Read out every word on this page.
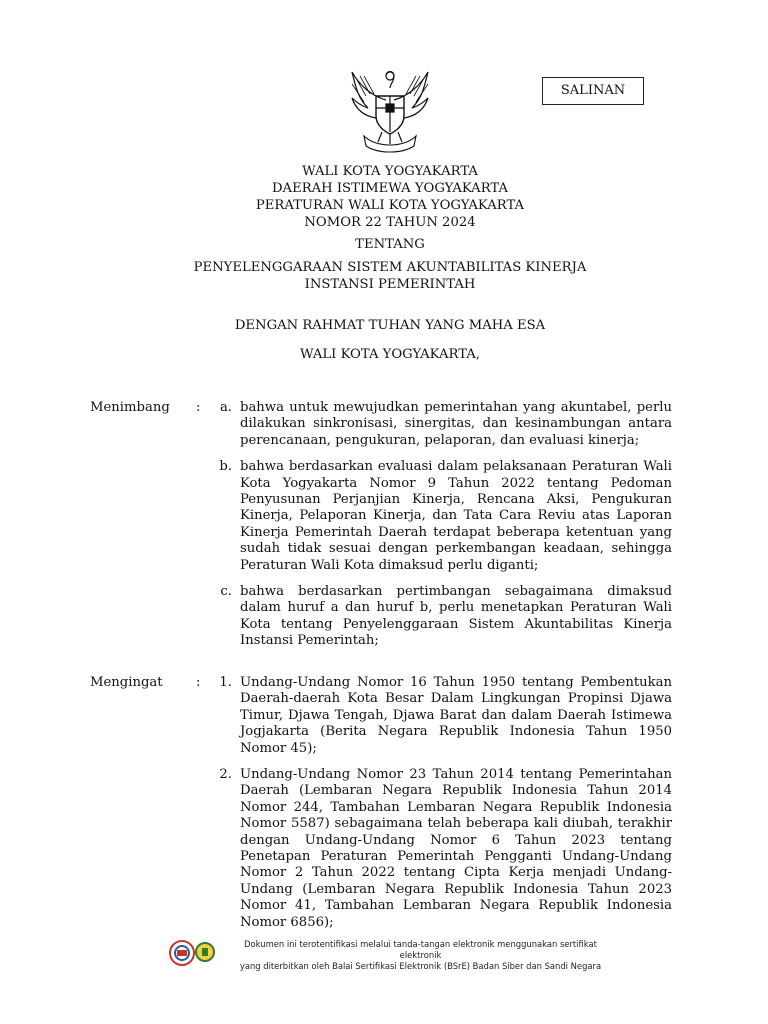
SALINAN
WALI KOTA YOGYAKARTA
DAERAH ISTIMEWA YOGYAKARTA
PERATURAN WALI KOTA YOGYAKARTA
NOMOR 22 TAHUN 2024
TENTANG
PENYELENGGARAAN SISTEM AKUNTABILITAS KINERJA
INSTANSI PEMERINTAH
DENGAN RAHMAT TUHAN YANG MAHA ESA
WALI KOTA YOGYAKARTA,
Menimbang	:	a. bahwa untuk mewujudkan pemerintahan yang akuntabel, perlu dilakukan sinkronisasi, sinergitas, dan kesinambungan antara perencanaan, pengukuran, pelaporan, dan evaluasi kinerja;
b. bahwa berdasarkan evaluasi dalam pelaksanaan Peraturan Wali Kota Yogyakarta Nomor 9 Tahun 2022 tentang Pedoman Penyusunan Perjanjian Kinerja, Rencana Aksi, Pengukuran Kinerja, Pelaporan Kinerja, dan Tata Cara Reviu atas Laporan Kinerja Pemerintah Daerah terdapat beberapa ketentuan yang sudah tidak sesuai dengan perkembangan keadaan, sehingga Peraturan Wali Kota dimaksud perlu diganti;
c. bahwa berdasarkan pertimbangan sebagaimana dimaksud dalam huruf a dan huruf b, perlu menetapkan Peraturan Wali Kota tentang Penyelenggaraan Sistem Akuntabilitas Kinerja Instansi Pemerintah;
Mengingat	:	1. Undang-Undang Nomor 16 Tahun 1950 tentang Pembentukan Daerah-daerah Kota Besar Dalam Lingkungan Propinsi Djawa Timur, Djawa Tengah, Djawa Barat dan dalam Daerah Istimewa Jogjakarta (Berita Negara Republik Indonesia Tahun 1950 Nomor 45);
2. Undang-Undang Nomor 23 Tahun 2014 tentang Pemerintahan Daerah (Lembaran Negara Republik Indonesia Tahun 2014 Nomor 244, Tambahan Lembaran Negara Republik Indonesia Nomor 5587) sebagaimana telah beberapa kali diubah, terakhir dengan Undang-Undang Nomor 6 Tahun 2023 tentang Penetapan Peraturan Pemerintah Pengganti Undang-Undang Nomor 2 Tahun 2022 tentang Cipta Kerja menjadi Undang-Undang (Lembaran Negara Republik Indonesia Tahun 2023 Nomor 41, Tambahan Lembaran Negara Republik Indonesia Nomor 6856);
Dokumen ini terotentifikasi melalui tanda-tangan elektronik menggunakan sertifikat elektronik
yang diterbitkan oleh Balai Sertifikasi Elektronik (BSrE) Badan Siber dan Sandi Negara
